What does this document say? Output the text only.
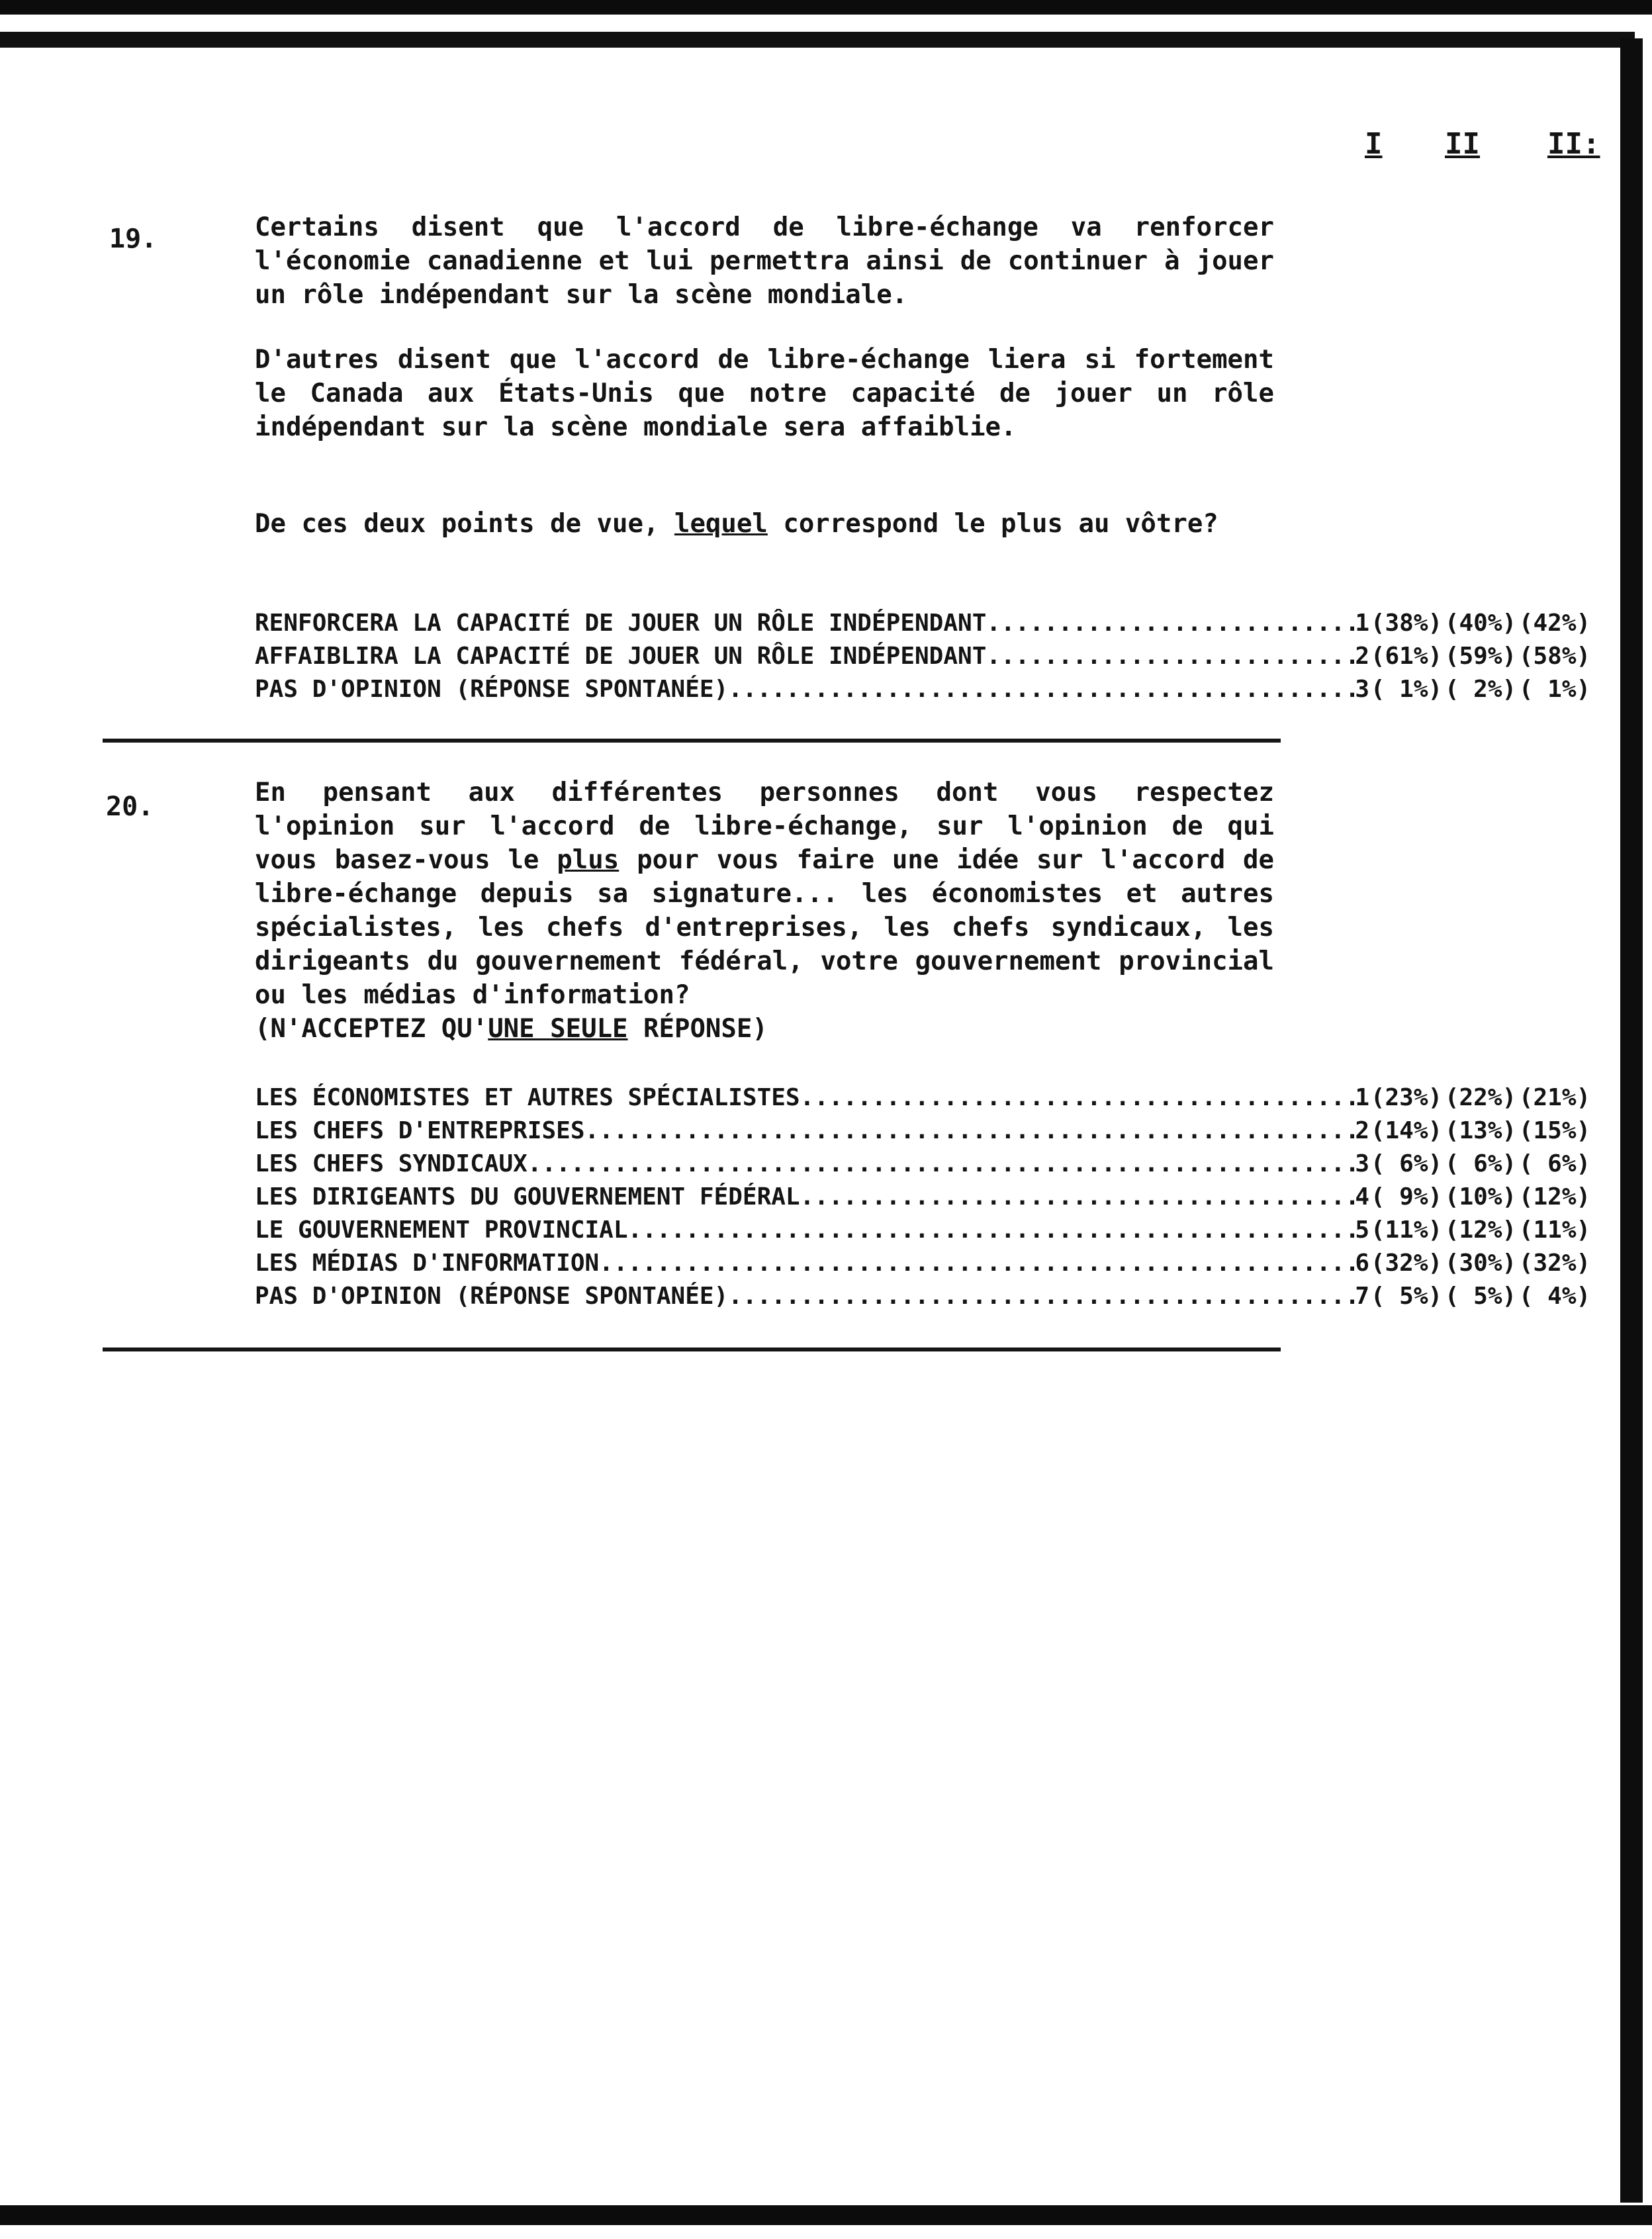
I II II:
19.	Certains disent que l'accord de libre-échange va renforcer l'économie canadienne et lui permettra ainsi de continuer à jouer un rôle indépendant sur la scène mondiale.

D'autres disent que l'accord de libre-échange liera si fortement le Canada aux États-Unis que notre capacité de jouer un rôle indépendant sur la scène mondiale sera affaiblie.

De ces deux points de vue, lequel correspond le plus au vôtre?

RENFORCERA LA CAPACITÉ DE JOUER UN RÔLE INDÉPENDANT .....	1 (38%) (40%) (42%)
AFFAIBLIRA LA CAPACITÉ DE JOUER UN RÔLE INDÉPENDANT .....	2 (61%) (59%) (58%)
PAS D'OPINION (RÉPONSE SPONTANÉE) .....	3 ( 1%) ( 2%) ( 1%)
20.	En pensant aux différentes personnes dont vous respectez l'opinion sur l'accord de libre-échange, sur l'opinion de qui vous basez-vous le plus pour vous faire une idée sur l'accord de libre-échange depuis sa signature... les économistes et autres spécialistes, les chefs d'entreprises, les chefs syndicaux, les dirigeants du gouvernement fédéral, votre gouvernement provincial ou les médias d'information?
(N'ACCEPTEZ QU'UNE SEULE RÉPONSE)

LES ÉCONOMISTES ET AUTRES SPÉCIALISTES .....	1 (23%) (22%) (21%)
LES CHEFS D'ENTREPRISES .....	2 (14%) (13%) (15%)
LES CHEFS SYNDICAUX .....	3 ( 6%) ( 6%) ( 6%)
LES DIRIGEANTS DU GOUVERNEMENT FÉDÉRAL .....	4 ( 9%) (10%) (12%)
LE GOUVERNEMENT PROVINCIAL .....	5 (11%) (12%) (11%)
LES MÉDIAS D'INFORMATION .....	6 (32%) (30%) (32%)
PAS D'OPINION (RÉPONSE SPONTANÉE) .....	7 ( 5%) ( 5%) ( 4%)
